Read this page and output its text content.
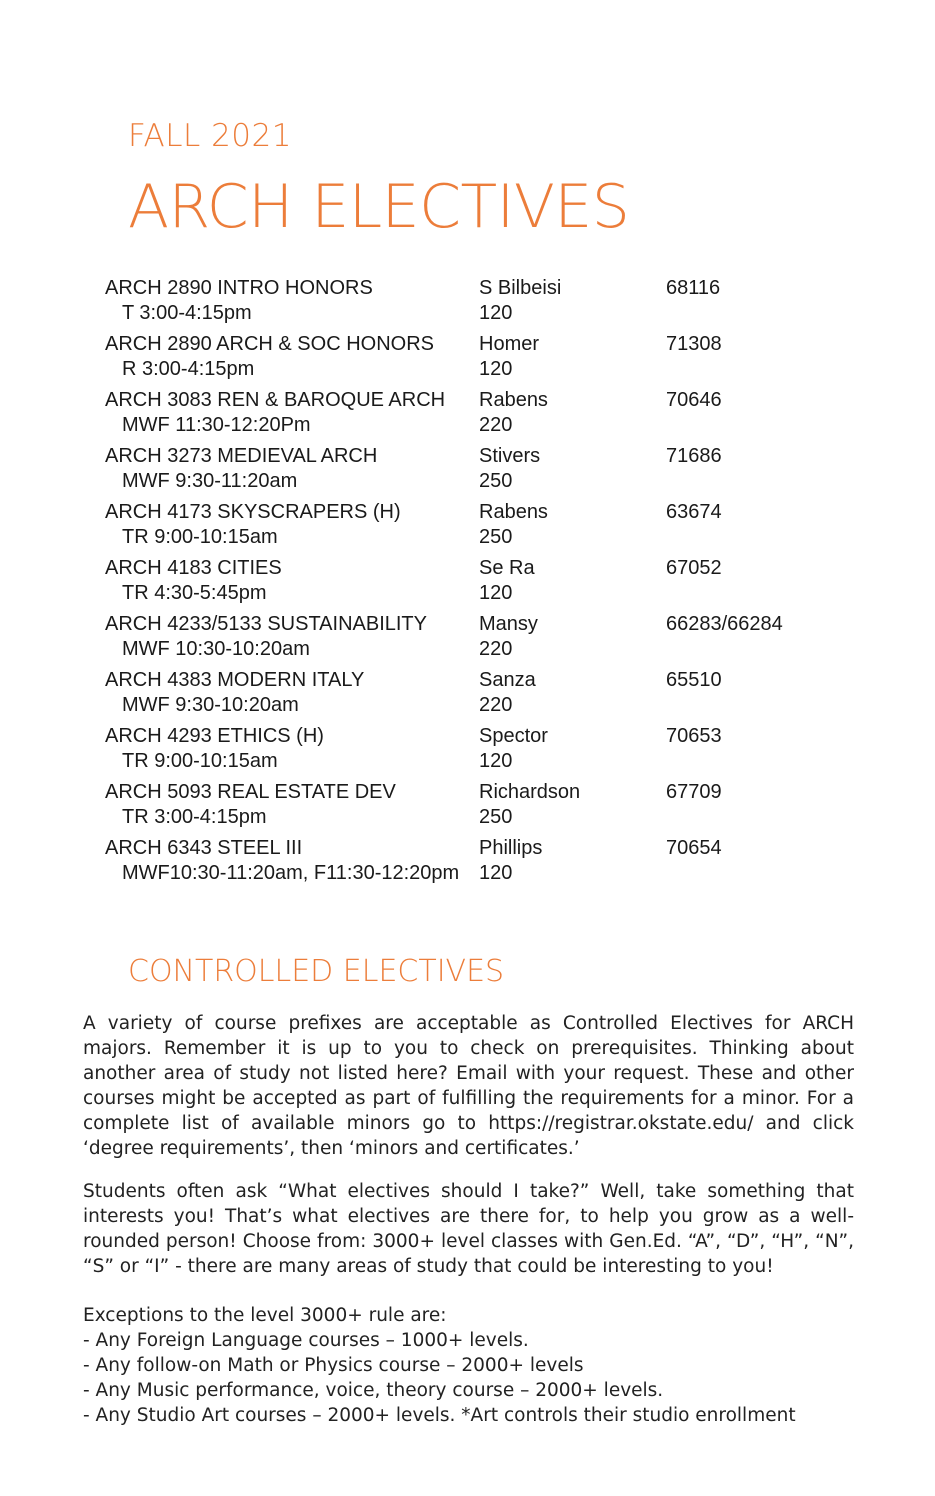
FALL 2021
ARCH ELECTIVES
ARCH 2890 INTRO HONORS
T 3:00-4:15pm
S Bilbeisi
120
68116
ARCH 2890 ARCH & SOC HONORS
R 3:00-4:15pm
Homer
120
71308
ARCH 3083 REN & BAROQUE ARCH
MWF 11:30-12:20Pm
Rabens
220
70646
ARCH 3273 MEDIEVAL ARCH
MWF 9:30-11:20am
Stivers
250
71686
ARCH 4173 SKYSCRAPERS (H)
TR 9:00-10:15am
Rabens
250
63674
ARCH 4183 CITIES
TR 4:30-5:45pm
Se Ra
120
67052
ARCH 4233/5133 SUSTAINABILITY
MWF 10:30-10:20am
Mansy
220
66283/66284
ARCH 4383 MODERN ITALY
MWF 9:30-10:20am
Sanza
220
65510
ARCH 4293 ETHICS (H)
TR 9:00-10:15am
Spector
120
70653
ARCH 5093 REAL ESTATE DEV
TR 3:00-4:15pm
Richardson
250
67709
ARCH 6343 STEEL III
MWF10:30-11:20am, F11:30-12:20pm
Phillips
120
70654
CONTROLLED ELECTIVES
A variety of course prefixes are acceptable as Controlled Electives for ARCH majors. Remember it is up to you to check on prerequisites. Thinking about another area of study not listed here? Email with your request. These and other courses might be accepted as part of fulfilling the requirements for a minor. For a complete list of available minors go to https://registrar.okstate.edu/ and click ‘degree requirements’, then ‘minors and certificates.’
Students often ask “What electives should I take?” Well, take something that interests you! That’s what electives are there for, to help you grow as a well-rounded person! Choose from: 3000+ level classes with Gen.Ed. “A”, “D”, “H”, “N”, “S” or “I” - there are many areas of study that could be interesting to you!
Exceptions to the level 3000+ rule are:
- Any Foreign Language courses – 1000+ levels.
- Any follow-on Math or Physics course – 2000+ levels
- Any Music performance, voice, theory course – 2000+ levels.
- Any Studio Art courses – 2000+ levels. *Art controls their studio enrollment
